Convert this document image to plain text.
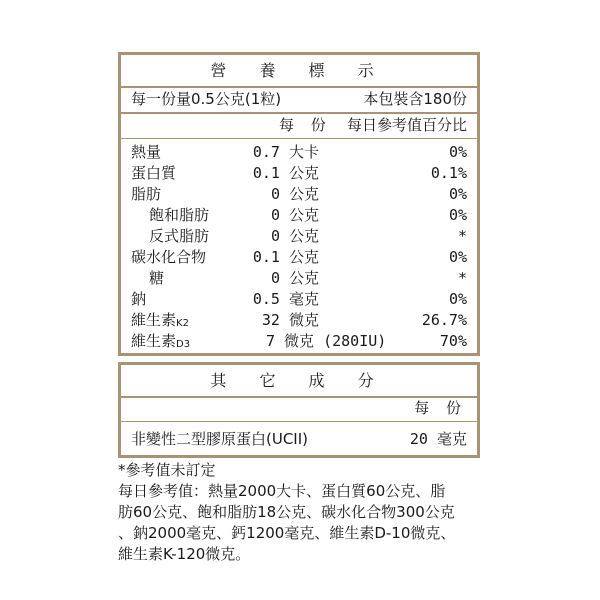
營 養 標 示
每一份量0.5公克(1粒)	本包裝含180份
每 份 每日參考值百分比
熱量	0.7 大卡	0%
蛋白質	0.1 公克	0.1%
脂肪	0 公克	0%
飽和脂肪	0 公克	0%
反式脂肪	0 公克	*
碳水化合物	0.1 公克	0%
糖	0 公克	*
鈉	0.5 毫克	0%
維生素$_{K2}$	32 微克	26.7%
維生素$_{D3}$	7 微克 (280IU)	70%
其 它 成 分
每 份
非變性二型膠原蛋白(UCII)	20 毫克
*參考值未訂定
每日參考值：熱量2000大卡、蛋白質60公克、脂
肪60公克、飽和脂肪18公克、碳水化合物300公克
、鈉2000毫克、鈣1200毫克、維生素D-10微克、
維生素K-120微克。
